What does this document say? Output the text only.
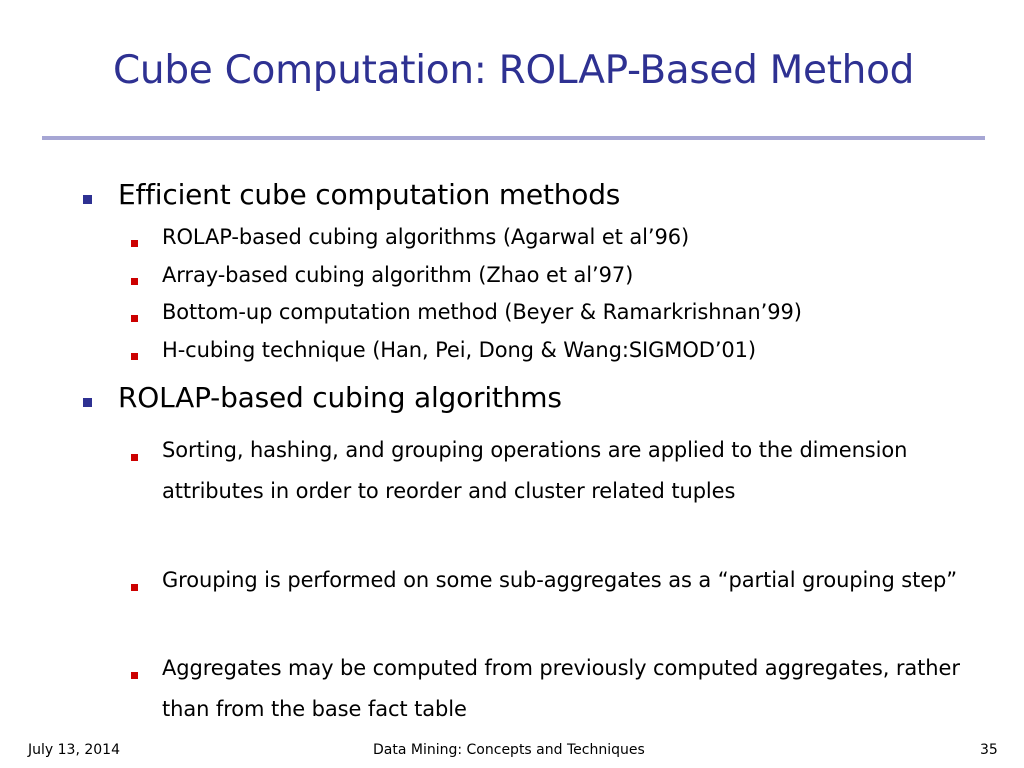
Cube Computation: ROLAP-Based Method
Efficient cube computation methods
ROLAP-based cubing algorithms (Agarwal et al’96)
Array-based cubing algorithm (Zhao et al’97)
Bottom-up computation method (Beyer & Ramarkrishnan’99)
H-cubing technique (Han, Pei, Dong & Wang:SIGMOD’01)
ROLAP-based cubing algorithms
Sorting, hashing, and grouping operations are applied to the dimension attributes in order to reorder and cluster related tuples
Grouping is performed on some sub-aggregates as a “partial grouping step”
Aggregates may be computed from previously computed aggregates, rather than from the base fact table
July 13, 2014	Data Mining: Concepts and Techniques	35
